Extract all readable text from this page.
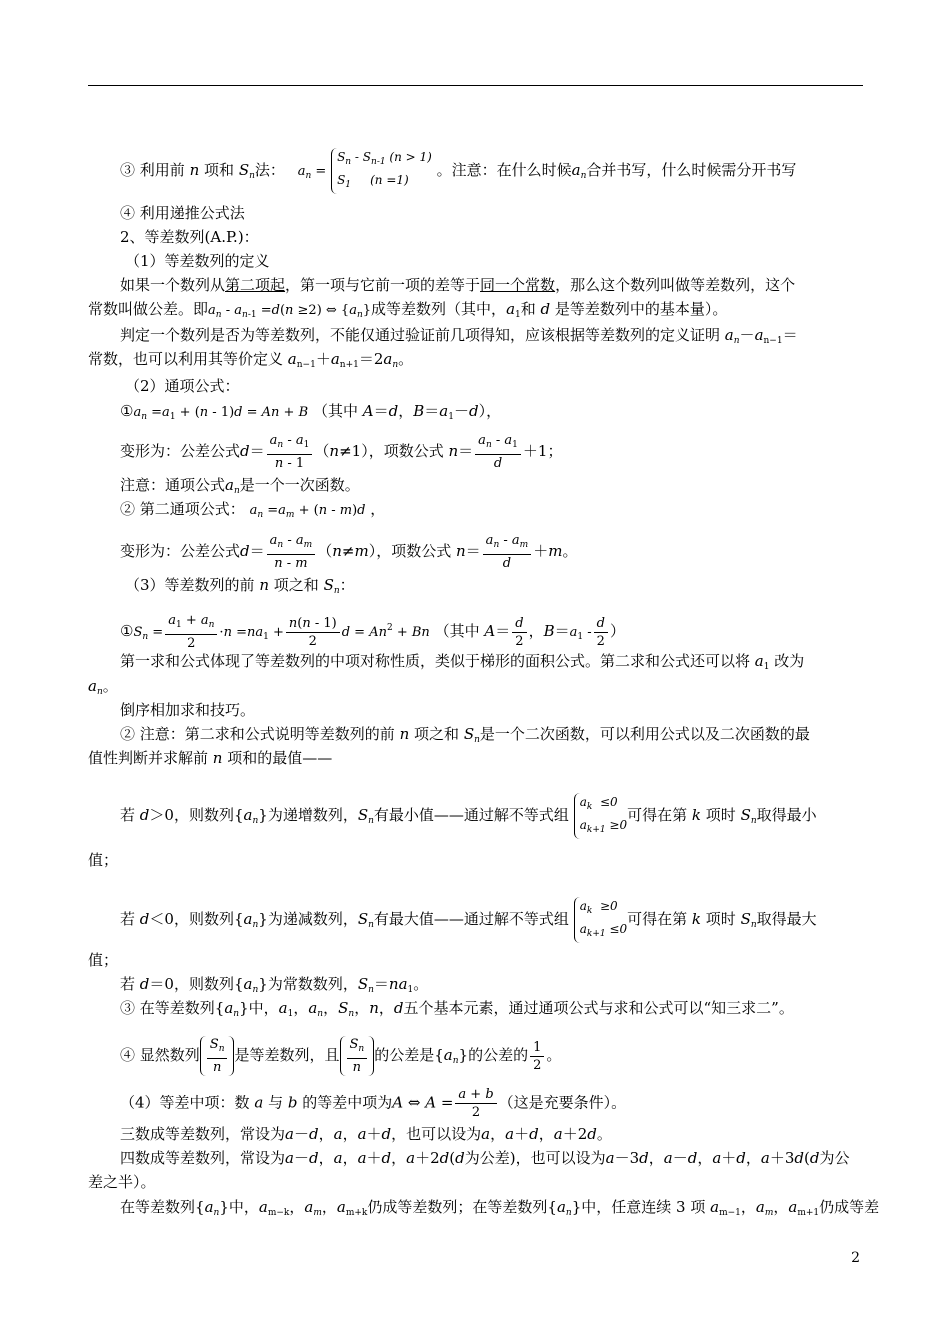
③ 利用前 n 项和 $S_n$法： $a_n$ =
$S_n - S_{n-1}$ (n > 1)
$S_1$     (n =1)
。注意：在什么时候$a_n$合并书写，什么时候需分开书写
④ 利用递推公式法
2、等差数列(A.P.)：
（1）等差数列的定义
如果一个数列从第二项起，第一项与它前一项的差等于同一个常数，那么这个数列叫做等差数列，这个
常数叫做公差。即$a_n - a_{n-1} =d(n \ge 2)$ ⇔ $\{a_n\}$成等差数列（其中，$a_1$和 d 是等差数列中的基本量）。
判定一个数列是否为等差数列，不能仅通过验证前几项得知，应该根据等差数列的定义证明 $a_n-a_{n-1}=$
常数，也可以利用其等价定义 $a_{n-1}+a_{n+1}=2a_n$。
（2）通项公式：
$①a_n =a_1 + (n - 1)d = An + B$ （其中 A＝d，$B=a_1-d$），
变形为：公差公式$d= \frac{a_n - a_1}{n - 1} (n\ne 1)$，项数公式 $n= \frac{a_n - a_1}{d} +1$；
注意：通项公式$a_n$是一个一次函数。
② 第二通项公式： $a_n =a_m + (n - m)d$ ，
变形为：公差公式$d= \frac{a_n - a_m}{n - m} (n\ne m)$，项数公式 $n= \frac{a_n - a_m}{d} +m$。
（3）等差数列的前 n 项之和 $S_n$：
$①S_n = \frac{a_1 + a_n}{2} \cdot n =na_1 + \frac{n(n - 1)}{2}$ $d = An^2 + Bn$ （其中 $A= \frac{d}{2}$ ，$B=a_1 - \frac{d}{2}$ ）
第一求和公式体现了等差数列的中项对称性质，类似于梯形的面积公式。第二求和公式还可以将 $a_1$ 改为
$a_n$。
倒序相加求和技巧。
② 注意：第二求和公式说明等差数列的前 n 项之和 $S_n$是一个二次函数，可以利用公式以及二次函数的最
值性判断并求解前 n 项和的最值——
若 d＞0，则数列$\{a_n\}$为递增数列，$S_n$有最小值——通过解不等式组
$a_k \le 0$
$a_{k+1} \ge 0$
可得在第 k 项时 $S_n$取得最小
值；
若 d＜0，则数列$\{a_n\}$为递减数列，$S_n$有最大值——通过解不等式组
$a_k \ge 0$
$a_{k+1} \le 0$
可得在第 k 项时 $S_n$取得最大
值；
若 d＝0，则数列$\{a_n\}$为常数数列，$S_n=na_1$。
③ 在等差数列$\{a_n\}$中，$a_1$，$a_n$，$S_n$，n，d五个基本元素，通过通项公式与求和公式可以“知三求二”。
④ 显然数列 $\frac{S_n}{n}$ 是等差数列，且 $\frac{S_n}{n}$ 的公差是$\{a_n\}$的公差的 $\frac{1}{2}$ 。
（4）等差中项：数 a 与 b 的等差中项为A ⇔ $A = \frac{a + b}{2}$ （这是充要条件）。
三数成等差数列，常设为a－d，a，a＋d，也可以设为a，a＋d，a＋2d。
四数成等差数列，常设为a－d，a，a＋d，a＋2d(d为公差)，也可以设为a－3d，a－d，a＋d，a＋3d(d为公
差之半）。
在等差数列$\{a_n\}$中，$a_{m-k}$，$a_m$，$a_{m+k}$仍成等差数列；在等差数列$\{a_n\}$中，任意连续 3 项 $a_{m-1}$，$a_m$，$a_{m+1}$仍成等差
2
